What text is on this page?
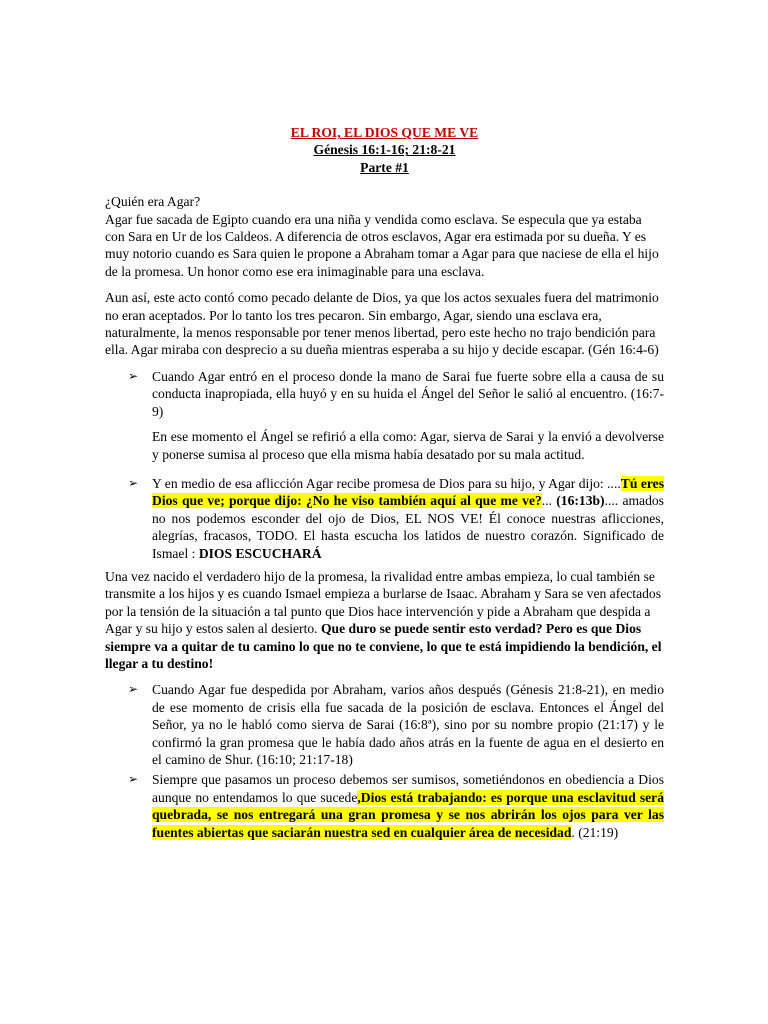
EL ROI, EL DIOS QUE ME VE

Génesis 16:1-16; 21:8-21

Parte #1

¿Quién era Agar?

Agar fue sacada de Egipto cuando era una niña y vendida como esclava. Se especula que ya estaba con Sara en Ur de los Caldeos. A diferencia de otros esclavos, Agar era estimada por su dueña. Y es muy notorio cuando es Sara quien le propone a Abraham tomar a Agar para que naciese de ella el hijo de la promesa. Un honor como ese era inimaginable para una esclava.

Aun así, este acto contó como pecado delante de Dios, ya que los actos sexuales fuera del matrimonio no eran aceptados. Por lo tanto los tres pecaron. Sin embargo, Agar, siendo una esclava era, naturalmente, la menos responsable por tener menos libertad, pero este hecho no trajo bendición para ella. Agar miraba con desprecio a su dueña mientras esperaba a su hijo y decide escapar. (Gén 16:4-6)

➢ Cuando Agar entró en el proceso donde la mano de Sarai fue fuerte sobre ella a causa de su conducta inapropiada, ella huyó y en su huida el Ángel del Señor le salió al encuentro. (16:7-9)

En ese momento el Ángel se refirió a ella como: Agar, sierva de Sarai y la envió a devolverse y ponerse sumisa al proceso que ella misma había desatado por su mala actitud.

➢ Y en medio de esa aflicción Agar recibe promesa de Dios para su hijo, y Agar dijo: ....Tú eres Dios que ve; porque dijo: ¿No he viso también aquí al que me ve?... (16:13b).... amados no nos podemos esconder del ojo de Dios, EL NOS VE! Él conoce nuestras aflicciones, alegrías, fracasos, TODO. El hasta escucha los latidos de nuestro corazón. Significado de Ismael : DIOS ESCUCHARÁ

Una vez nacido el verdadero hijo de la promesa, la rivalidad entre ambas empieza, lo cual también se transmite a los hijos y es cuando Ismael empieza a burlarse de Isaac. Abraham y Sara se ven afectados por la tensión de la situación a tal punto que Dios hace intervención y pide a Abraham que despida a Agar y su hijo y estos salen al desierto. Que duro se puede sentir esto verdad? Pero es que Dios siempre va a quitar de tu camino lo que no te conviene, lo que te está impidiendo la bendición, el llegar a tu destino!

➢ Cuando Agar fue despedida por Abraham, varios años después (Génesis 21:8-21), en medio de ese momento de crisis ella fue sacada de la posición de esclava. Entonces el Ángel del Señor, ya no le habló como sierva de Sarai (16:8ª), sino por su nombre propio (21:17) y le confirmó la gran promesa que le había dado años atrás en la fuente de agua en el desierto en el camino de Shur. (16:10; 21:17-18)
➢ Siempre que pasamos un proceso debemos ser sumisos, sometiéndonos en obediencia a Dios aunque no entendamos lo que sucede,Dios está trabajando: es porque una esclavitud será quebrada, se nos entregará una gran promesa y se nos abrirán los ojos para ver las fuentes abiertas que saciarán nuestra sed en cualquier área de necesidad. (21:19)
